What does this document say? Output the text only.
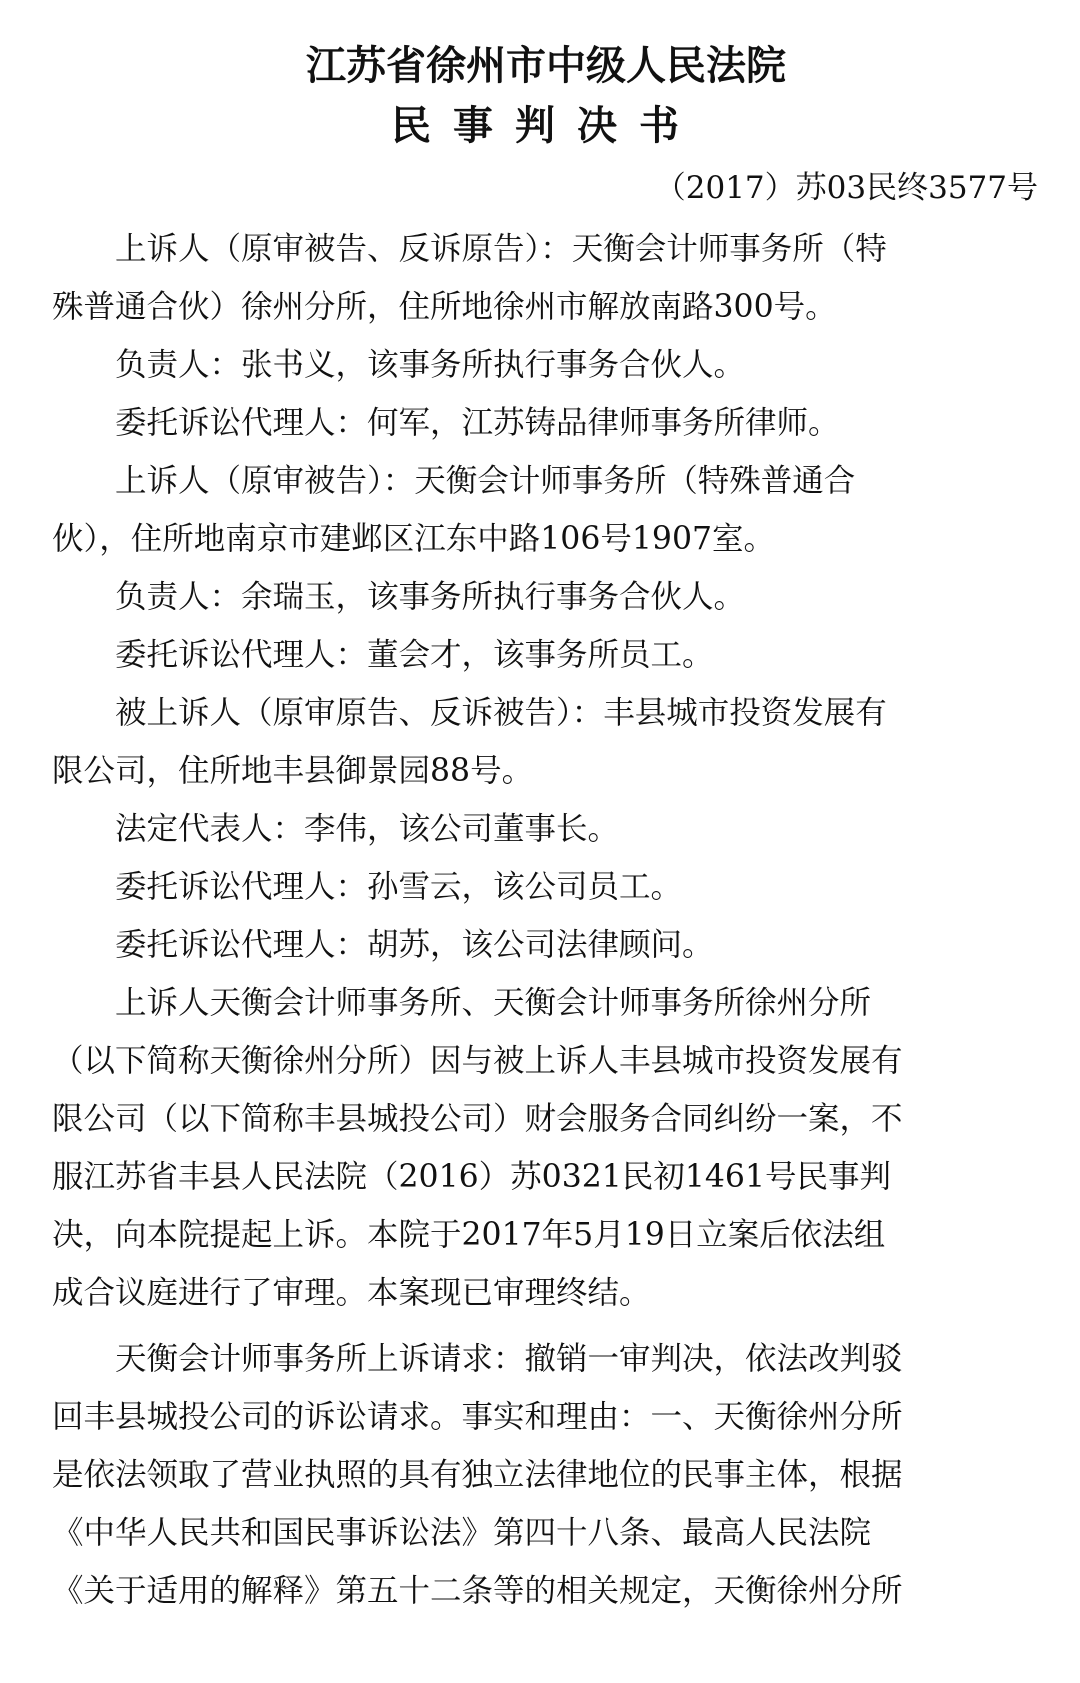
江苏省徐州市中级人民法院
民事判决书

（2017）苏03民终3577号

上诉人（原审被告、反诉原告）：天衡会计师事务所（特
殊普通合伙）徐州分所，住所地徐州市解放南路300号。

负责人：张书义，该事务所执行事务合伙人。

委托诉讼代理人：何军，江苏铸品律师事务所律师。

上诉人（原审被告）：天衡会计师事务所（特殊普通合
伙），住所地南京市建邺区江东中路106号1907室。

负责人：余瑞玉，该事务所执行事务合伙人。

委托诉讼代理人：董会才，该事务所员工。

被上诉人（原审原告、反诉被告）：丰县城市投资发展有
限公司，住所地丰县御景园88号。

法定代表人：李伟，该公司董事长。

委托诉讼代理人：孙雪云，该公司员工。

委托诉讼代理人：胡苏，该公司法律顾问。

上诉人天衡会计师事务所、天衡会计师事务所徐州分所
（以下简称天衡徐州分所）因与被上诉人丰县城市投资发展有
限公司（以下简称丰县城投公司）财会服务合同纠纷一案，不
服江苏省丰县人民法院（2016）苏0321民初1461号民事判
决，向本院提起上诉。本院于2017年5月19日立案后依法组
成合议庭进行了审理。本案现已审理终结。

天衡会计师事务所上诉请求：撤销一审判决，依法改判驳
回丰县城投公司的诉讼请求。事实和理由：一、天衡徐州分所
是依法领取了营业执照的具有独立法律地位的民事主体，根据
《中华人民共和国民事诉讼法》第四十八条、最高人民法院
《关于适用的解释》第五十二条等的相关规定，天衡徐州分所
